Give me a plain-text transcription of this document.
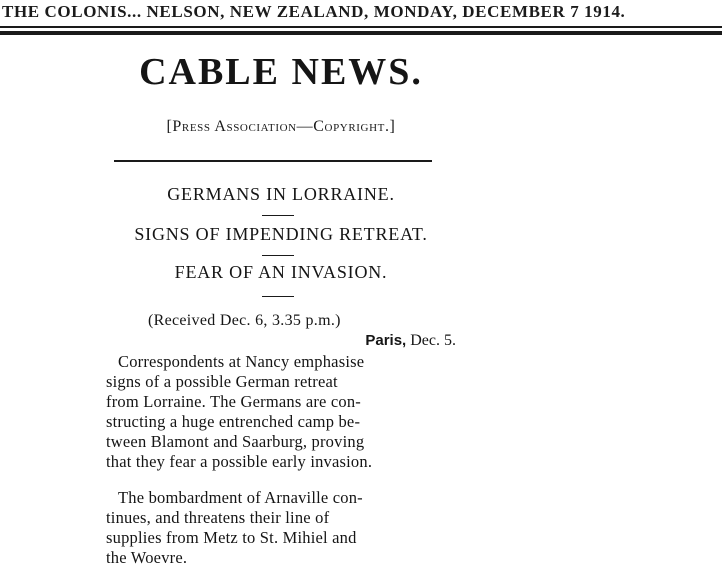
THE COLONIS... NELSON, NEW ZEALAND, MONDAY, DECEMBER 7 1914.
CABLE NEWS.
[Press Association—Copyright.]
GERMANS IN LORRAINE.
SIGNS OF IMPENDING RETREAT.
FEAR OF AN INVASION.
(Received Dec. 6, 3.35 p.m.)
Paris, Dec. 5.

Correspondents at Nancy emphasise
signs of a possible German retreat
from Lorraine. The Germans are con-
structing a huge entrenched camp be-
tween Blamont and Saarburg, proving
that they fear a possible early invasion.

The bombardment of Arnaville con-
tinues, and threatens their line of
supplies from Metz to St. Mihiel and
the Woevre.
